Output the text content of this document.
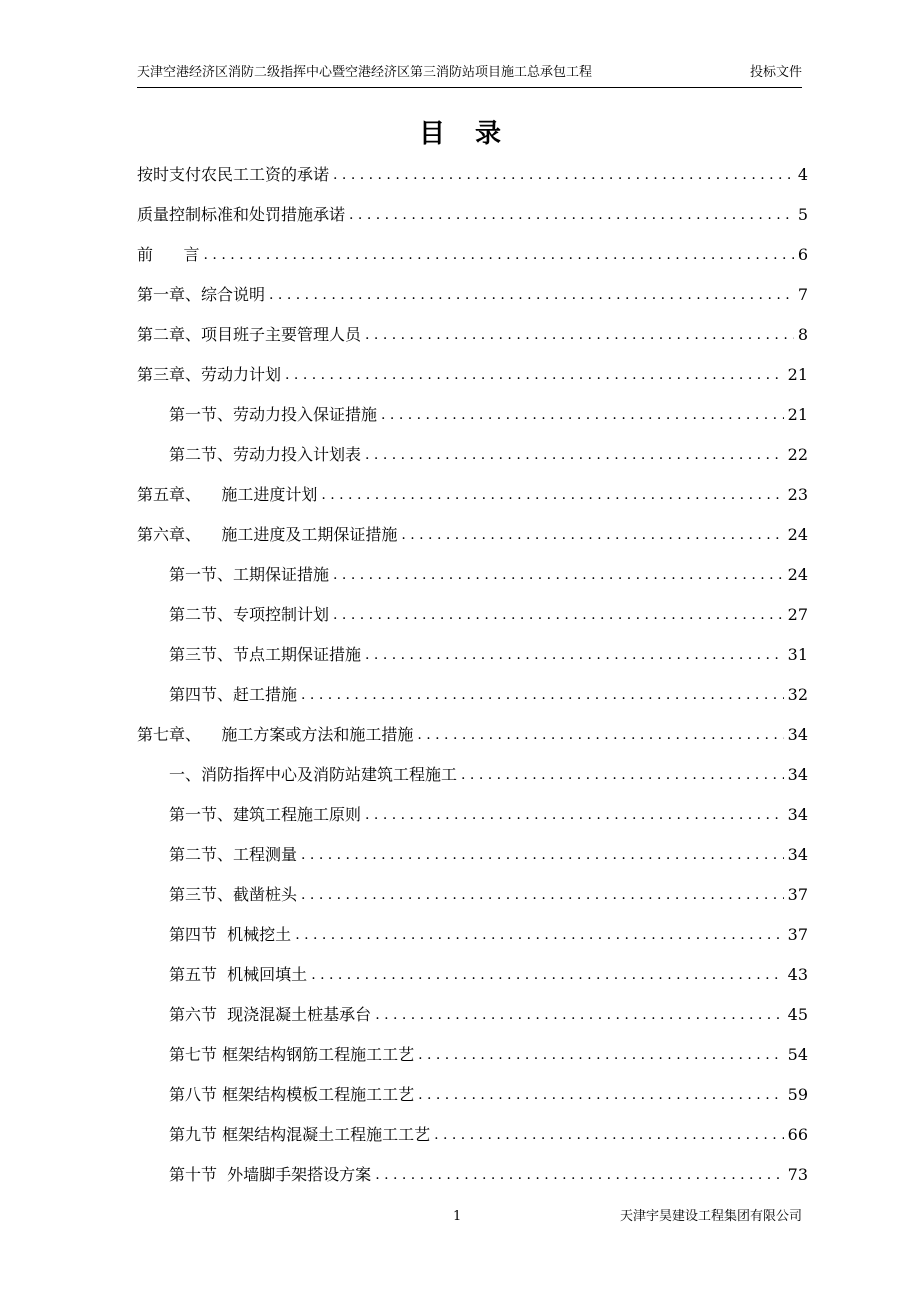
天津空港经济区消防二级指挥中心暨空港经济区第三消防站项目施工总承包工程	投标文件
目录
按时支付农民工工资的承诺 . . .	4
质量控制标准和处罚措施承诺 . . .	5
前      言 . . .	6
第一章、综合说明 . . .	7
第二章、项目班子主要管理人员 . . .	8
第三章、劳动力计划 . . .	21
第一节、劳动力投入保证措施 . . .	21
第二节、劳动力投入计划表 . . .	22
第五章、    施工进度计划 . . .	23
第六章、    施工进度及工期保证措施 . . .	24
第一节、工期保证措施 . . .	24
第二节、专项控制计划 . . .	27
第三节、节点工期保证措施 . . .	31
第四节、赶工措施 . . .	32
第七章、    施工方案或方法和施工措施 . . .	34
一、消防指挥中心及消防站建筑工程施工 . . .	34
第一节、建筑工程施工原则 . . .	34
第二节、工程测量 . . .	34
第三节、截凿桩头 . . .	37
第四节  机械挖土 . . .	37
第五节  机械回填土 . . .	43
第六节  现浇混凝土桩基承台 . . .	45
第七节 框架结构钢筋工程施工工艺 . . .	54
第八节 框架结构模板工程施工工艺 . . .	59
第九节 框架结构混凝土工程施工工艺 . . .	66
第十节  外墙脚手架搭设方案 . . .	73
1	天津宇昊建设工程集团有限公司
